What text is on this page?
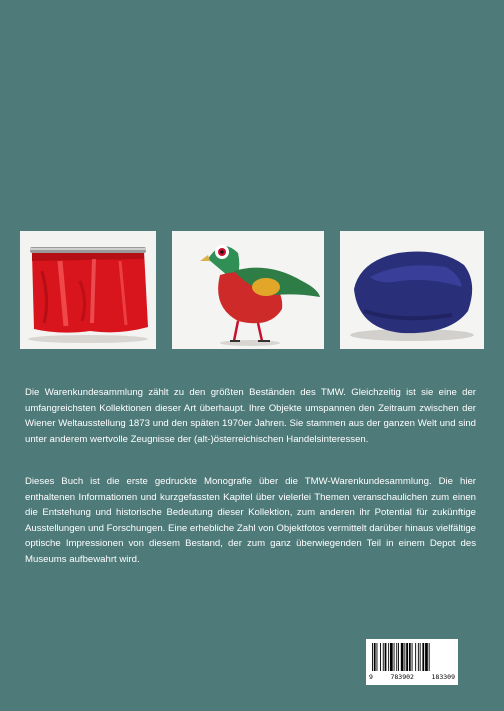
Die Warenkundesammlung zählt zu den größten Beständen des TMW. Gleichzeitig ist sie eine der umfangreichsten Kollektionen dieser Art überhaupt. Ihre Objekte umspannen den Zeitraum zwischen der Wiener Weltausstellung 1873 und den späten 1970er Jahren. Sie stammen aus der ganzen Welt und sind unter anderem wertvolle Zeugnisse der (alt-)österreichischen Handelsinteressen.

Dieses Buch ist die erste gedruckte Monografie über die TMW-Warenkundesammlung. Die hier enthaltenen Informationen und kurzgefassten Kapitel über vielerlei Themen veranschaulichen zum einen die Entstehung und historische Bedeutung dieser Kollektion, zum anderen ihr Potential für zukünftige Ausstellungen und Forschungen. Eine erhebliche Zahl von Objektfotos vermittelt darüber hinaus vielfältige optische Impressionen von diesem Bestand, der zum ganz überwiegenden Teil in einem Depot des Museums aufbewahrt wird.

9	783902	183309
